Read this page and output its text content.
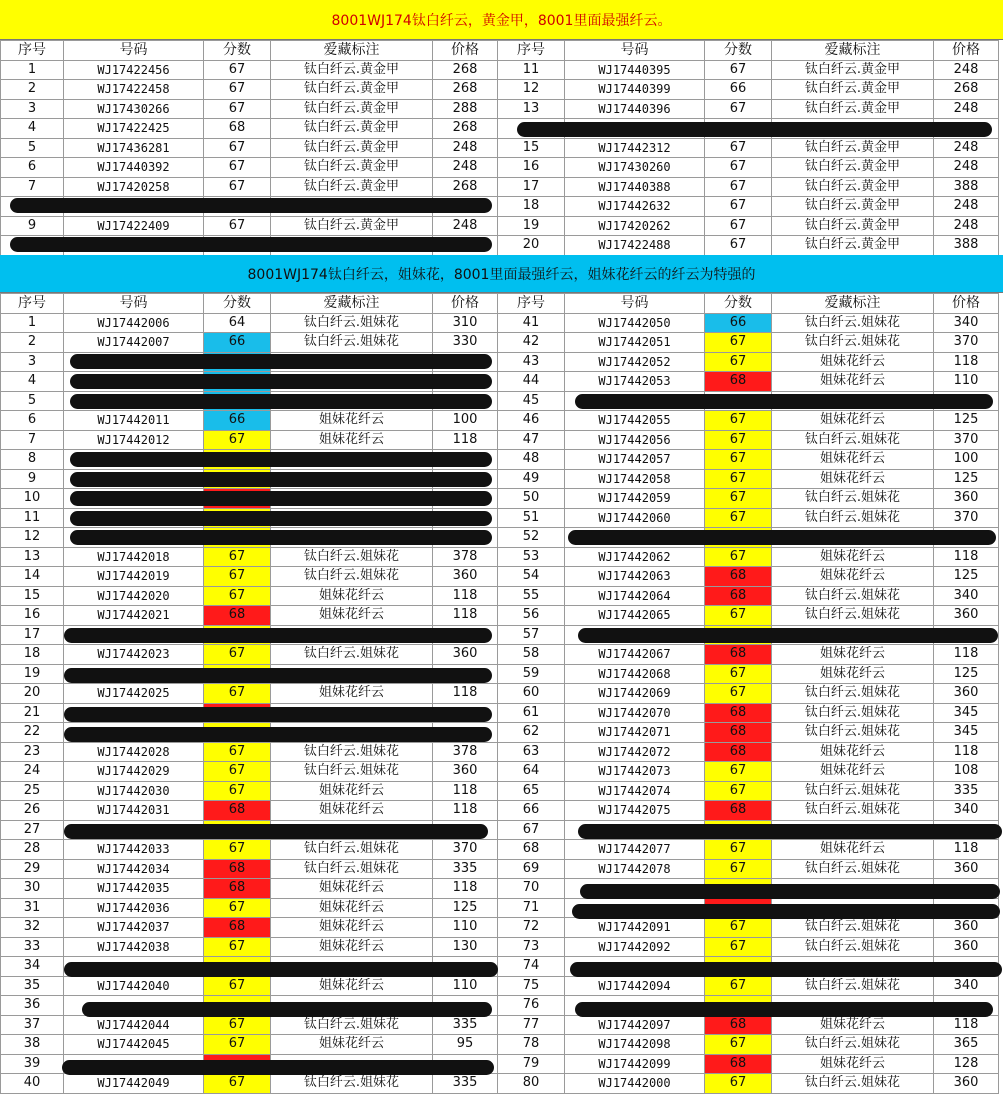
8001WJ174钛白纤云，黄金甲，8001里面最强纤云。
序号	号码	分数	爱藏标注	价格	序号	号码	分数	爱藏标注	价格
1	WJ17422456	67	钛白纤云.黄金甲	268	11	WJ17440395	67	钛白纤云.黄金甲	248
2	WJ17422458	67	钛白纤云.黄金甲	268	12	WJ17440399	66	钛白纤云.黄金甲	268
3	WJ17430266	67	钛白纤云.黄金甲	288	13	WJ17440396	67	钛白纤云.黄金甲	248
4	WJ17422425	68	钛白纤云.黄金甲	268					
5	WJ17436281	67	钛白纤云.黄金甲	248	15	WJ17442312	67	钛白纤云.黄金甲	248
6	WJ17440392	67	钛白纤云.黄金甲	248	16	WJ17430260	67	钛白纤云.黄金甲	248
7	WJ17420258	67	钛白纤云.黄金甲	268	17	WJ17440388	67	钛白纤云.黄金甲	388
					18	WJ17442632	67	钛白纤云.黄金甲	248
9	WJ17422409	67	钛白纤云.黄金甲	248	19	WJ17420262	67	钛白纤云.黄金甲	248
					20	WJ17422488	67	钛白纤云.黄金甲	388
8001WJ174钛白纤云，姐妹花，8001里面最强纤云，姐妹花纤云的纤云为特强的
序号	号码	分数	爱藏标注	价格	序号	号码	分数	爱藏标注	价格
1	WJ17442006	64	钛白纤云.姐妹花	310	41	WJ17442050	66	钛白纤云.姐妹花	340
2	WJ17442007	66	钛白纤云.姐妹花	330	42	WJ17442051	67	钛白纤云.姐妹花	370
3					43	WJ17442052	67	姐妹花纤云	118
4					44	WJ17442053	68	姐妹花纤云	110
5					45				
6	WJ17442011	66	姐妹花纤云	100	46	WJ17442055	67	姐妹花纤云	125
7	WJ17442012	67	姐妹花纤云	118	47	WJ17442056	67	钛白纤云.姐妹花	370
8					48	WJ17442057	67	姐妹花纤云	100
9					49	WJ17442058	67	姐妹花纤云	125
10					50	WJ17442059	67	钛白纤云.姐妹花	360
11					51	WJ17442060	67	钛白纤云.姐妹花	370
12					52				
13	WJ17442018	67	钛白纤云.姐妹花	378	53	WJ17442062	67	姐妹花纤云	118
14	WJ17442019	67	钛白纤云.姐妹花	360	54	WJ17442063	68	姐妹花纤云	125
15	WJ17442020	67	姐妹花纤云	118	55	WJ17442064	68	钛白纤云.姐妹花	340
16	WJ17442021	68	姐妹花纤云	118	56	WJ17442065	67	钛白纤云.姐妹花	360
17					57				
18	WJ17442023	67	钛白纤云.姐妹花	360	58	WJ17442067	68	姐妹花纤云	118
19					59	WJ17442068	67	姐妹花纤云	125
20	WJ17442025	67	姐妹花纤云	118	60	WJ17442069	67	钛白纤云.姐妹花	360
21					61	WJ17442070	68	钛白纤云.姐妹花	345
22					62	WJ17442071	68	钛白纤云.姐妹花	345
23	WJ17442028	67	钛白纤云.姐妹花	378	63	WJ17442072	68	姐妹花纤云	118
24	WJ17442029	67	钛白纤云.姐妹花	360	64	WJ17442073	67	姐妹花纤云	108
25	WJ17442030	67	姐妹花纤云	118	65	WJ17442074	67	钛白纤云.姐妹花	335
26	WJ17442031	68	姐妹花纤云	118	66	WJ17442075	68	钛白纤云.姐妹花	340
27					67				
28	WJ17442033	67	钛白纤云.姐妹花	370	68	WJ17442077	67	姐妹花纤云	118
29	WJ17442034	68	钛白纤云.姐妹花	335	69	WJ17442078	67	钛白纤云.姐妹花	360
30	WJ17442035	68	姐妹花纤云	118	70				
31	WJ17442036	67	姐妹花纤云	125	71				
32	WJ17442037	68	姐妹花纤云	110	72	WJ17442091	67	钛白纤云.姐妹花	360
33	WJ17442038	67	姐妹花纤云	130	73	WJ17442092	67	钛白纤云.姐妹花	360
34					74				
35	WJ17442040	67	姐妹花纤云	110	75	WJ17442094	67	钛白纤云.姐妹花	340
36					76				
37	WJ17442044	67	钛白纤云.姐妹花	335	77	WJ17442097	68	姐妹花纤云	118
38	WJ17442045	67	姐妹花纤云	95	78	WJ17442098	67	钛白纤云.姐妹花	365
39					79	WJ17442099	68	姐妹花纤云	128
40	WJ17442049	67	钛白纤云.姐妹花	335	80	WJ17442000	67	钛白纤云.姐妹花	360
